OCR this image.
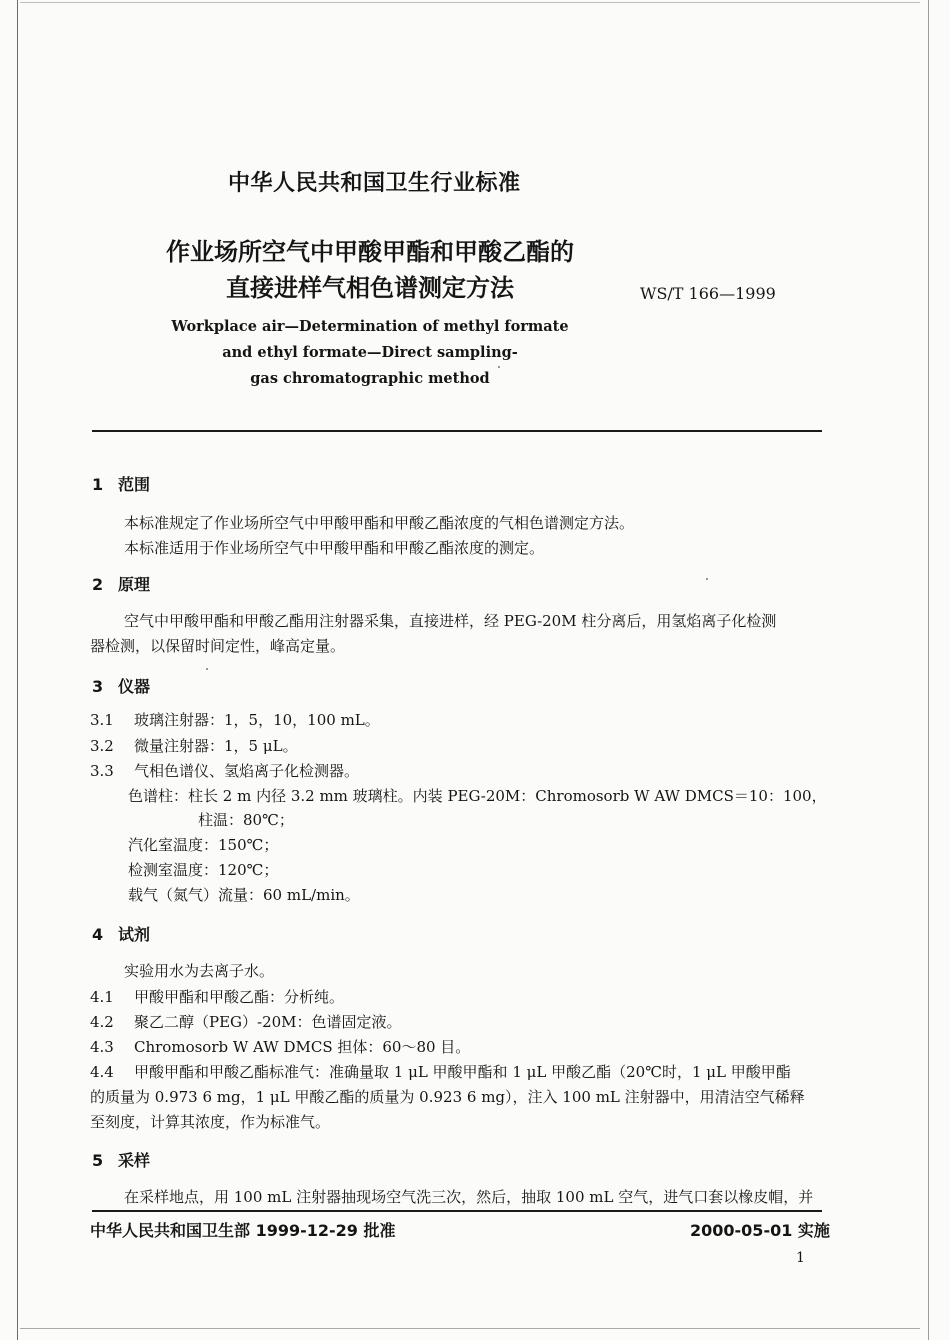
中华人民共和国卫生行业标准
作业场所空气中甲酸甲酯和甲酸乙酯的
直接进样气相色谱测定方法	WS/T 166—1999
Workplace air—Determination of methyl formate
and ethyl formate—Direct sampling-
gas chromatographic method
1 范围
本标准规定了作业场所空气中甲酸甲酯和甲酸乙酯浓度的气相色谱测定方法。
本标准适用于作业场所空气中甲酸甲酯和甲酸乙酯浓度的测定。
2 原理
空气中甲酸甲酯和甲酸乙酯用注射器采集，直接进样，经 PEG-20M 柱分离后，用氢焰离子化检测
器检测，以保留时间定性，峰高定量。
3 仪器
3.1 玻璃注射器：1，5，10，100 mL。
3.2 微量注射器：1，5 μL。
3.3 气相色谱仪、氢焰离子化检测器。
色谱柱：柱长 2 m 内径 3.2 mm 玻璃柱。内装 PEG-20M：Chromosorb W AW DMCS＝10：100，
柱温：80℃；
汽化室温度：150℃；
检测室温度：120℃；
载气（氮气）流量：60 mL/min。
4 试剂
实验用水为去离子水。
4.1 甲酸甲酯和甲酸乙酯：分析纯。
4.2 聚乙二醇（PEG）-20M：色谱固定液。
4.3 Chromosorb W AW DMCS 担体：60～80 目。
4.4 甲酸甲酯和甲酸乙酯标准气：准确量取 1 μL 甲酸甲酯和 1 μL 甲酸乙酯（20℃时，1 μL 甲酸甲酯
的质量为 0.973 6 mg，1 μL 甲酸乙酯的质量为 0.923 6 mg），注入 100 mL 注射器中，用清洁空气稀释
至刻度，计算其浓度，作为标准气。
5 采样
在采样地点，用 100 mL 注射器抽现场空气洗三次，然后，抽取 100 mL 空气，进气口套以橡皮帽，并
中华人民共和国卫生部 1999-12-29 批准	2000-05-01 实施
1
